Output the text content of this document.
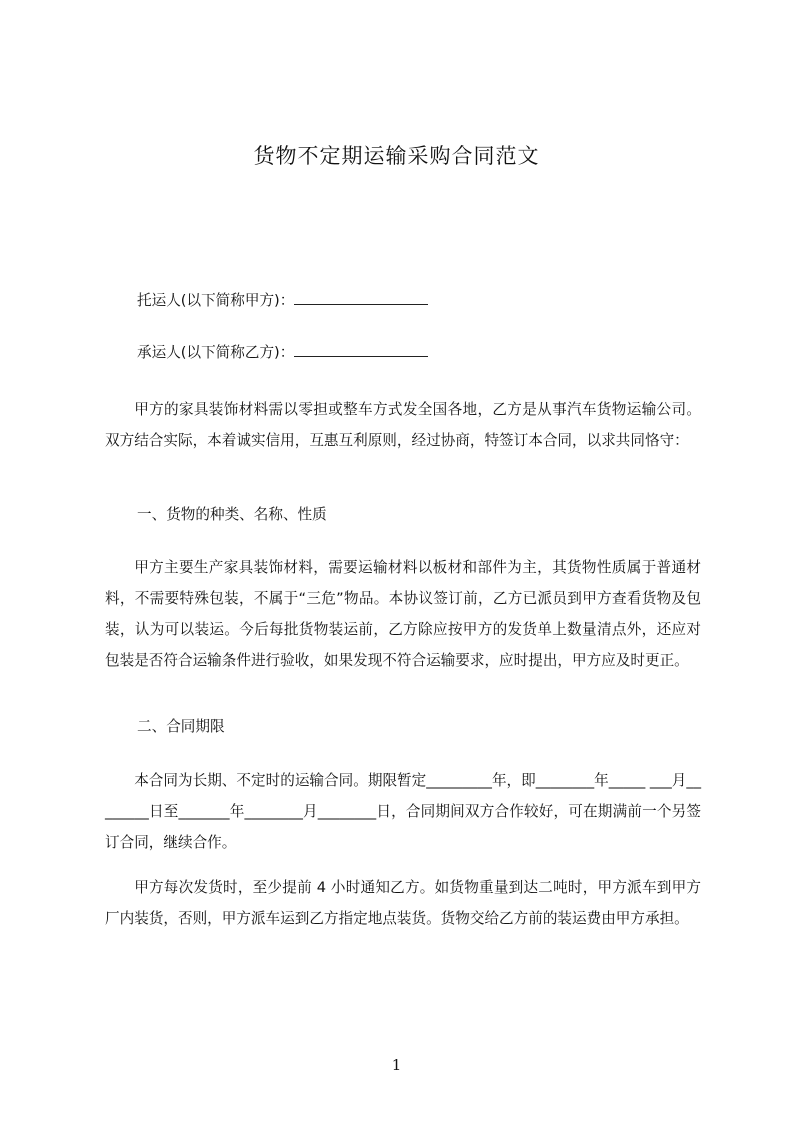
货物不定期运输采购合同范文

托运人(以下简称甲方)：

承运人(以下简称乙方)：

甲方的家具装饰材料需以零担或整车方式发全国各地，乙方是从事汽车货物运输公司。双方结合实际，本着诚实信用，互惠互利原则，经过协商，特签订本合同，以求共同恪守：

一、货物的种类、名称、性质

甲方主要生产家具装饰材料，需要运输材料以板材和部件为主，其货物性质属于普通材料，不需要特殊包装，不属于“三危”物品。本协议签订前，乙方已派员到甲方查看货物及包装，认为可以装运。今后每批货物装运前，乙方除应按甲方的发货单上数量清点外，还应对包装是否符合运输条件进行验收，如果发现不符合运输要求，应时提出，甲方应及时更正。

二、合同期限

本合同为长期、不定时的运输合同。期限暂定_________年，即________年_____ ___月________日至_______年________月________日，合同期间双方合作较好，可在期满前一个另签订合同，继续合作。

甲方每次发货时，至少提前 4 小时通知乙方。如货物重量到达二吨时，甲方派车到甲方厂内装货，否则，甲方派车运到乙方指定地点装货。货物交给乙方前的装运费由甲方承担。

1
